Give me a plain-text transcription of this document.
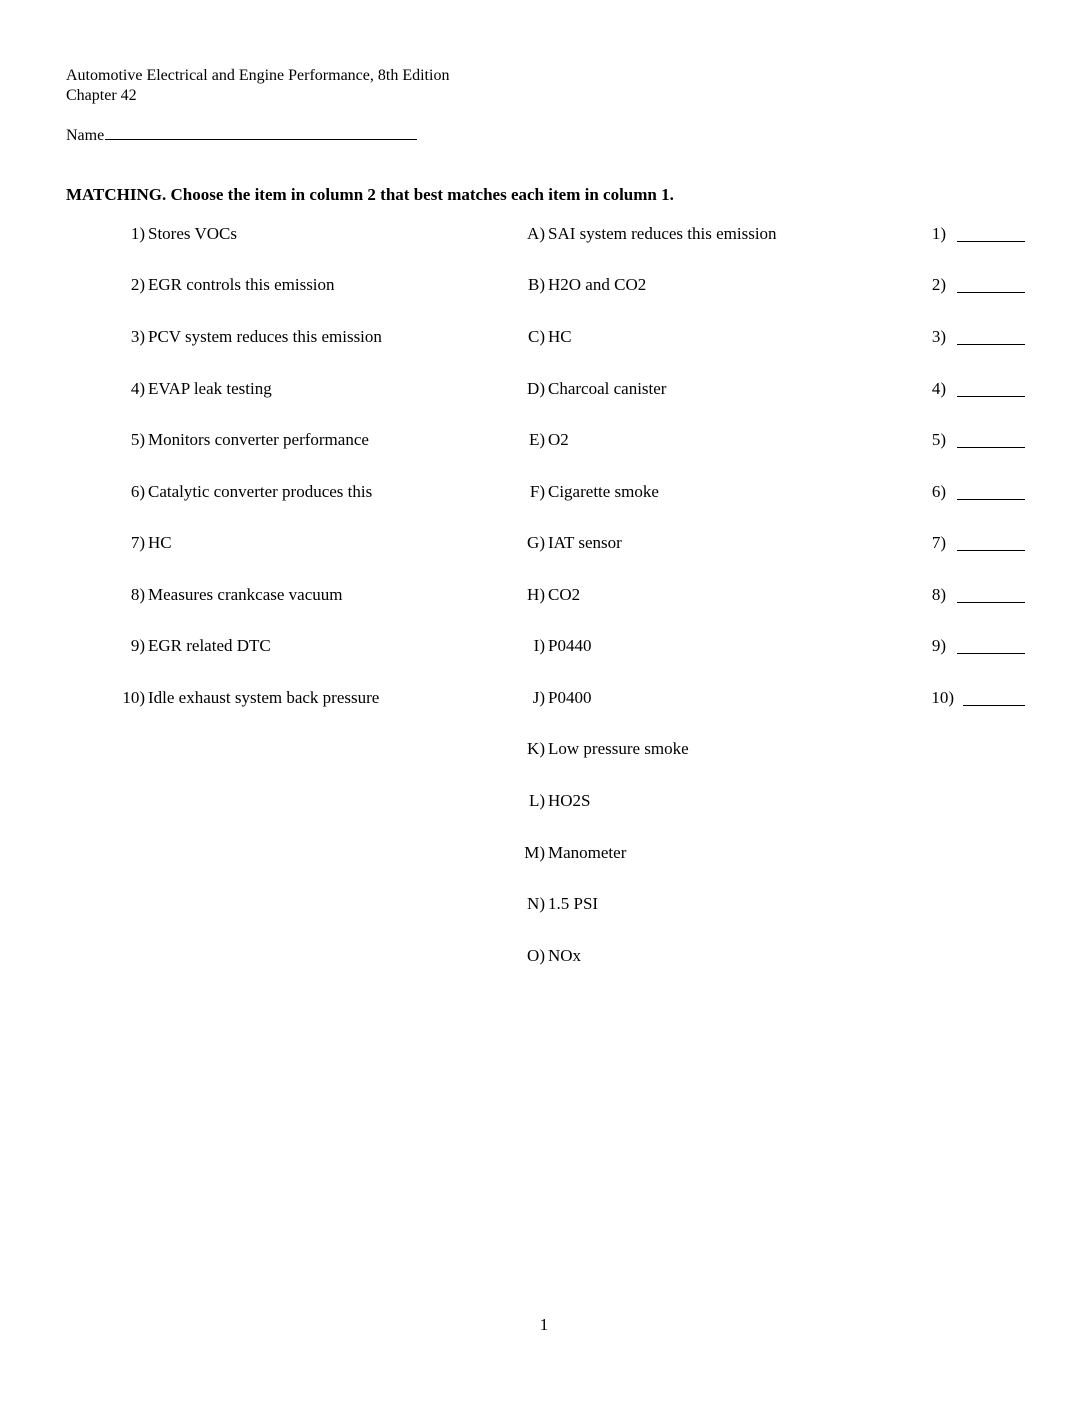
Automotive Electrical and Engine Performance, 8th Edition
Chapter 42
Name
MATCHING. Choose the item in column 2 that best matches each item in column 1.
1) Stores VOCs
2) EGR controls this emission
3) PCV system reduces this emission
4) EVAP leak testing
5) Monitors converter performance
6) Catalytic converter produces this
7) HC
8) Measures crankcase vacuum
9) EGR related DTC
10) Idle exhaust system back pressure
A) SAI system reduces this emission
B) H2O and CO2
C) HC
D) Charcoal canister
E) O2
F) Cigarette smoke
G) IAT sensor
H) CO2
I) P0440
J) P0400
K) Low pressure smoke
L) HO2S
M) Manometer
N) 1.5 PSI
O) NOx
1)
2)
3)
4)
5)
6)
7)
8)
9)
10)
1
